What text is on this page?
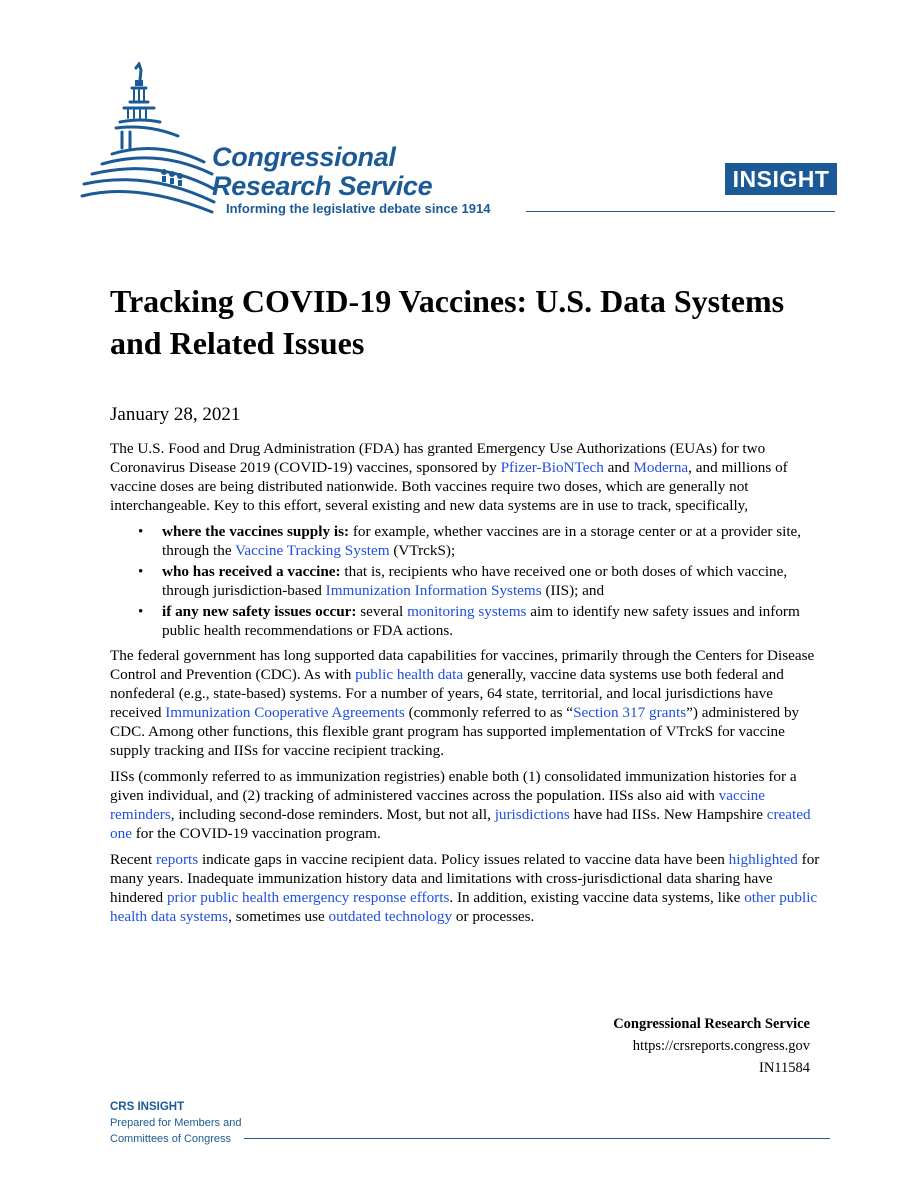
Congressional
Research Service
Informing the legislative debate since 1914
INSIGHT
Tracking COVID-19 Vaccines: U.S. Data Systems and Related Issues
January 28, 2021

The U.S. Food and Drug Administration (FDA) has granted Emergency Use Authorizations (EUAs) for two Coronavirus Disease 2019 (COVID-19) vaccines, sponsored by Pfizer-BioNTech and Moderna, and millions of vaccine doses are being distributed nationwide. Both vaccines require two doses, which are generally not interchangeable. Key to this effort, several existing and new data systems are in use to track, specifically,

• where the vaccines supply is: for example, whether vaccines are in a storage center or at a provider site, through the Vaccine Tracking System (VTrckS);
• who has received a vaccine: that is, recipients who have received one or both doses of which vaccine, through jurisdiction-based Immunization Information Systems (IIS); and
• if any new safety issues occur: several monitoring systems aim to identify new safety issues and inform public health recommendations or FDA actions.

The federal government has long supported data capabilities for vaccines, primarily through the Centers for Disease Control and Prevention (CDC). As with public health data generally, vaccine data systems use both federal and nonfederal (e.g., state-based) systems. For a number of years, 64 state, territorial, and local jurisdictions have received Immunization Cooperative Agreements (commonly referred to as “Section 317 grants”) administered by CDC. Among other functions, this flexible grant program has supported implementation of VTrckS for vaccine supply tracking and IISs for vaccine recipient tracking.

IISs (commonly referred to as immunization registries) enable both (1) consolidated immunization histories for a given individual, and (2) tracking of administered vaccines across the population. IISs also aid with vaccine reminders, including second-dose reminders. Most, but not all, jurisdictions have had IISs. New Hampshire created one for the COVID-19 vaccination program.

Recent reports indicate gaps in vaccine recipient data. Policy issues related to vaccine data have been highlighted for many years. Inadequate immunization history data and limitations with cross-jurisdictional data sharing have hindered prior public health emergency response efforts. In addition, existing vaccine data systems, like other public health data systems, sometimes use outdated technology or processes.

Congressional Research Service
https://crsreports.congress.gov
IN11584
CRS INSIGHT
Prepared for Members and
Committees of Congress
